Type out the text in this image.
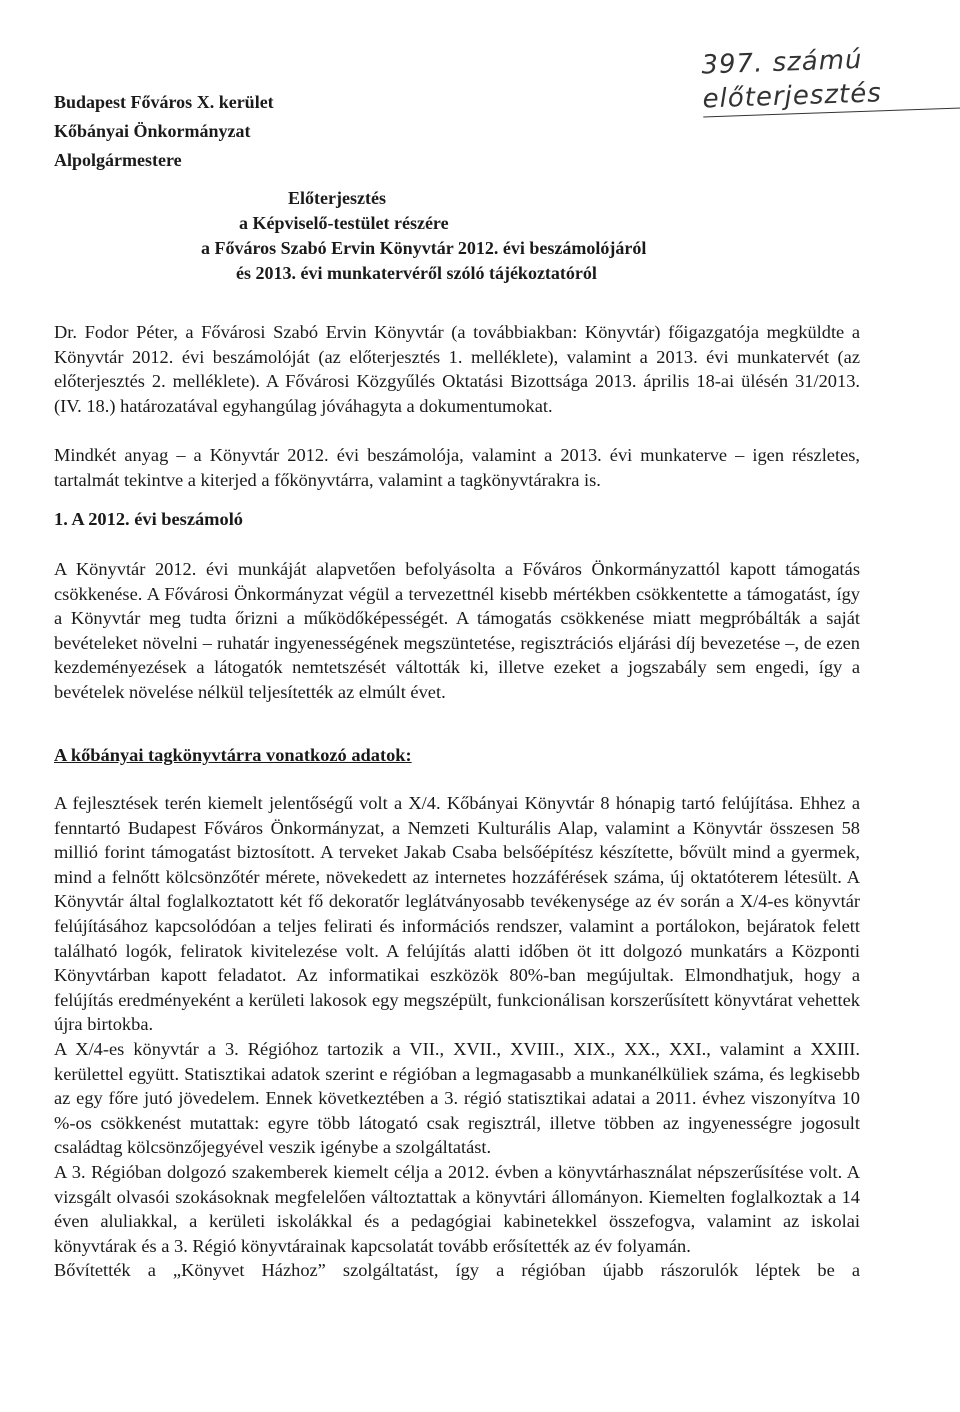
397. számú előterjesztés
Budapest Főváros X. kerület
Kőbányai Önkormányzat
Alpolgármestere
Előterjesztés
a Képviselő-testület részére
a Főváros Szabó Ervin Könyvtár 2012. évi beszámolójáról
és 2013. évi munkatervéről szóló tájékoztatóról

Dr. Fodor Péter, a Fővárosi Szabó Ervin Könyvtár (a továbbiakban: Könyvtár) főigazgatója megküldte a Könyvtár 2012. évi beszámolóját (az előterjesztés 1. melléklete), valamint a 2013. évi munkatervét (az előterjesztés 2. melléklete). A Fővárosi Közgyűlés Oktatási Bizottsága 2013. április 18-ai ülésén 31/2013. (IV. 18.) határozatával egyhangúlag jóváhagyta a dokumentumokat.

Mindkét anyag – a Könyvtár 2012. évi beszámolója, valamint a 2013. évi munkaterve – igen részletes, tartalmát tekintve a kiterjed a főkönyvtárra, valamint a tagkönyvtárakra is.

1. A 2012. évi beszámoló

A Könyvtár 2012. évi munkáját alapvetően befolyásolta a Főváros Önkormányzattól kapott támogatás csökkenése. A Fővárosi Önkormányzat végül a tervezettnél kisebb mértékben csökkentette a támogatást, így a Könyvtár meg tudta őrizni a működőképességét. A támogatás csökkenése miatt megpróbálták a saját bevételeket növelni – ruhatár ingyenességének megszüntetése, regisztrációs eljárási díj bevezetése –, de ezen kezdeményezések a látogatók nemtetszését váltották ki, illetve ezeket a jogszabály sem engedi, így a bevételek növelése nélkül teljesítették az elmúlt évet.

A kőbányai tagkönyvtárra vonatkozó adatok:

A fejlesztések terén kiemelt jelentőségű volt a X/4. Kőbányai Könyvtár 8 hónapig tartó felújítása. Ehhez a fenntartó Budapest Főváros Önkormányzat, a Nemzeti Kulturális Alap, valamint a Könyvtár összesen 58 millió forint támogatást biztosított. A terveket Jakab Csaba belsőépítész készítette, bővült mind a gyermek, mind a felnőtt kölcsönzőtér mérete, növekedett az internetes hozzáférések száma, új oktatóterem létesült. A Könyvtár által foglalkoztatott két fő dekoratőr leglátványosabb tevékenysége az év során a X/4-es könyvtár felújításához kapcsolódóan a teljes felirati és információs rendszer, valamint a portálokon, bejáratok felett található logók, feliratok kivitelezése volt. A felújítás alatti időben öt itt dolgozó munkatárs a Központi Könyvtárban kapott feladatot. Az informatikai eszközök 80%-ban megújultak. Elmondhatjuk, hogy a felújítás eredményeként a kerületi lakosok egy megszépült, funkcionálisan korszerűsített könyvtárat vehettek újra birtokba.

A X/4-es könyvtár a 3. Régióhoz tartozik a VII., XVII., XVIII., XIX., XX., XXI., valamint a XXIII. kerülettel együtt. Statisztikai adatok szerint e régióban a legmagasabb a munkanélküliek száma, és legkisebb az egy főre jutó jövedelem. Ennek következtében a 3. régió statisztikai adatai a 2011. évhez viszonyítva 10 %-os csökkenést mutattak: egyre több látogató csak regisztrál, illetve többen az ingyenességre jogosult családtag kölcsönzőjegyével veszik igénybe a szolgáltatást.

A 3. Régióban dolgozó szakemberek kiemelt célja a 2012. évben a könyvtárhasználat népszerűsítése volt. A vizsgált olvasói szokásoknak megfelelően változtattak a könyvtári állományon. Kiemelten foglalkoztak a 14 éven aluliakkal, a kerületi iskolákkal és a pedagógiai kabinetekkel összefogva, valamint az iskolai könyvtárak és a 3. Régió könyvtárainak kapcsolatát tovább erősítették az év folyamán.

Bővítették a „Könyvet Házhoz” szolgáltatást, így a régióban újabb rászorulók léptek be a
